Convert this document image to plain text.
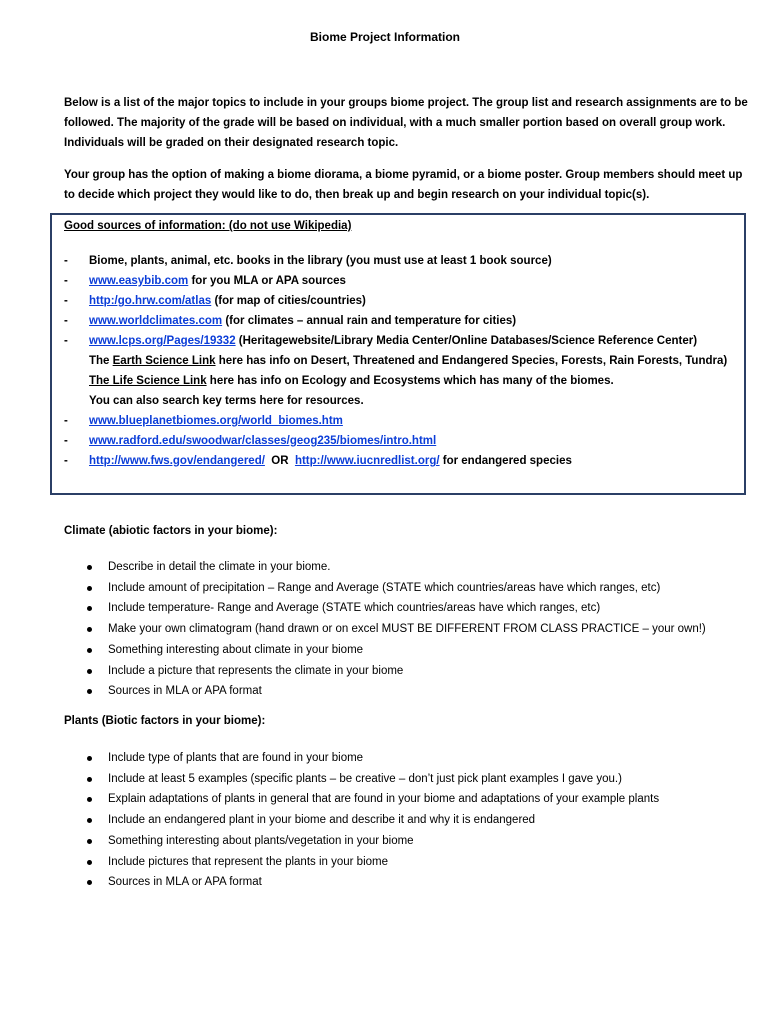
Biome Project Information
Below is a list of the major topics to include in your groups biome project. The group list and research assignments are to be followed. The majority of the grade will be based on individual, with a much smaller portion based on overall group work. Individuals will be graded on their designated research topic.
Your group has the option of making a biome diorama, a biome pyramid, or a biome poster. Group members should meet up to decide which project they would like to do, then break up and begin research on your individual topic(s).
Good sources of information: (do not use Wikipedia)
- Biome, plants, animal, etc. books in the library (you must use at least 1 book source)
- www.easybib.com for you MLA or APA sources
- http:/go.hrw.com/atlas (for map of cities/countries)
- www.worldclimates.com (for climates – annual rain and temperature for cities)
- www.lcps.org/Pages/19332 (Heritagewebsite/Library Media Center/Online Databases/Science Reference Center)
The Earth Science Link here has info on Desert, Threatened and Endangered Species, Forests, Rain Forests, Tundra)
The Life Science Link here has info on Ecology and Ecosystems which has many of the biomes.
You can also search key terms here for resources.
- www.blueplanetbiomes.org/world_biomes.htm
- www.radford.edu/swoodwar/classes/geog235/biomes/intro.html
- http://www.fws.gov/endangered/  OR  http://www.iucnredlist.org/ for endangered species
Climate (abiotic factors in your biome):
Describe in detail the climate in your biome.
Include amount of precipitation – Range and Average (STATE which countries/areas have which ranges, etc)
Include temperature- Range and Average (STATE which countries/areas have which ranges, etc)
Make your own climatogram (hand drawn or on excel MUST BE DIFFERENT FROM CLASS PRACTICE – your own!)
Something interesting about climate in your biome
Include a picture that represents the climate in your biome
Sources in MLA or APA format
Plants (Biotic factors in your biome):
Include type of plants that are found in your biome
Include at least 5 examples (specific plants – be creative – don’t just pick plant examples I gave you.)
Explain adaptations of plants in general that are found in your biome and adaptations of your example plants
Include an endangered plant in your biome and describe it and why it is endangered
Something interesting about plants/vegetation in your biome
Include pictures that represent the plants in your biome
Sources in MLA or APA format
